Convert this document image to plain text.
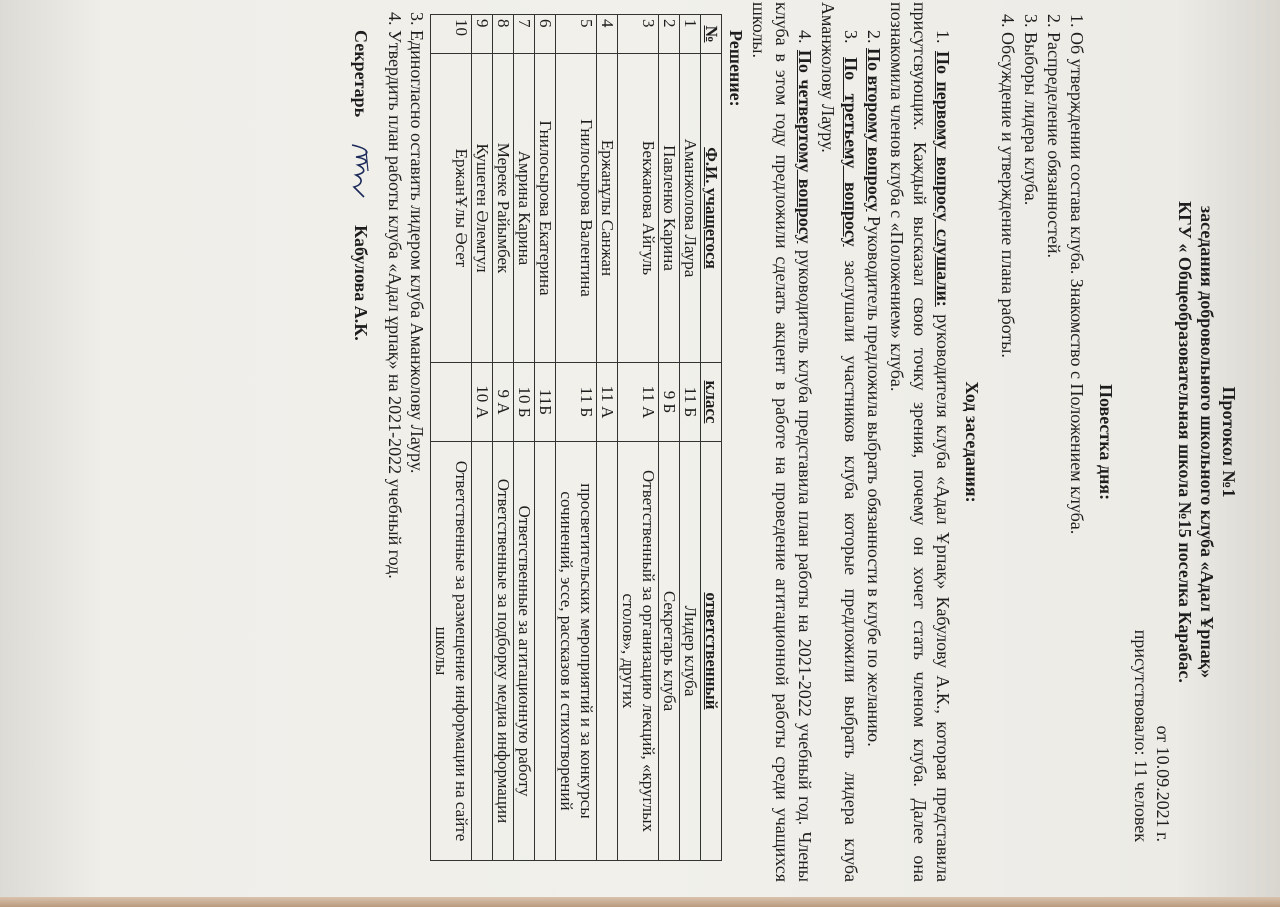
Протокол №1
заседания добровольного школьного клуба «Адал Ұрпақ»
КГУ « Общеобразовательная школа №15 поселка Карабас.
от 10.09.2021 г.
присутствовало: 11 человек
Повестка дня:
1. Об утверждении состава клуба. Знакомство с Положением клуба.
2. Распределение обязанностей.
3. Выборы лидера клуба.
4. Обсуждение и утверждение плана работы.
Ход заседания:

1. По первому вопросу слушали: руководителя клуба «Адал Ұрпақ» Кабулову А.К., которая представила присутсвующих. Каждый высказал свою точку зрения, почему он хочет стать членом клуба. Далее она познакомила членов клуба с «Положением» клуба.

2. По второму вопросу Руководитель предложила выбрать обязанности в клубе по желанию.

3. По третьему вопросу заслушали участников клуба которые предложили выбрать лидера клуба Аманжолову Лауру.

4. По четвертому вопросу руководитель клуба представила план работы на 2021-2022 учебный год. Члены клуба в этом году предложили сделать акцент в работе на проведение агитационной работы среди учащихся школы.

Решение:

№	Ф.И. учащегося	класс	ответственный
1	Аманжолова Лаура	11 Б	Лидер клуба
2	Павленко Карина	9 Б	Секретарь клуба
3	Бекжанова Айгуль	11 А	Ответственный за организацию лекций, «круглых столов», других
4	Ержанұлы Санжан	11 А	
5	Гнилосырова Валентина	11 Б	просветительских мероприятий и за конкурсы сочинений, эссе, рассказов и стихотворений
6	Гнилосырова Екатерина	11Б	
7	Амрина Карина	10 Б	Ответственные за агитационную работу
8	Мереке Райымбек	9 А	Ответственные за подборку медиа информации
9	Кушеген Әлемгул	10 А	
10	ЕржанҰлы Әсет		Ответственные за размещение информации на сайте школы
3. Единогласно оставить лидером клуба Аманжолову Лауру.
4. Утвердить план работы клуба «Адал ұрпақ» на 2021-2022 учебный год.
Секретарь
Кабулова А.К.
